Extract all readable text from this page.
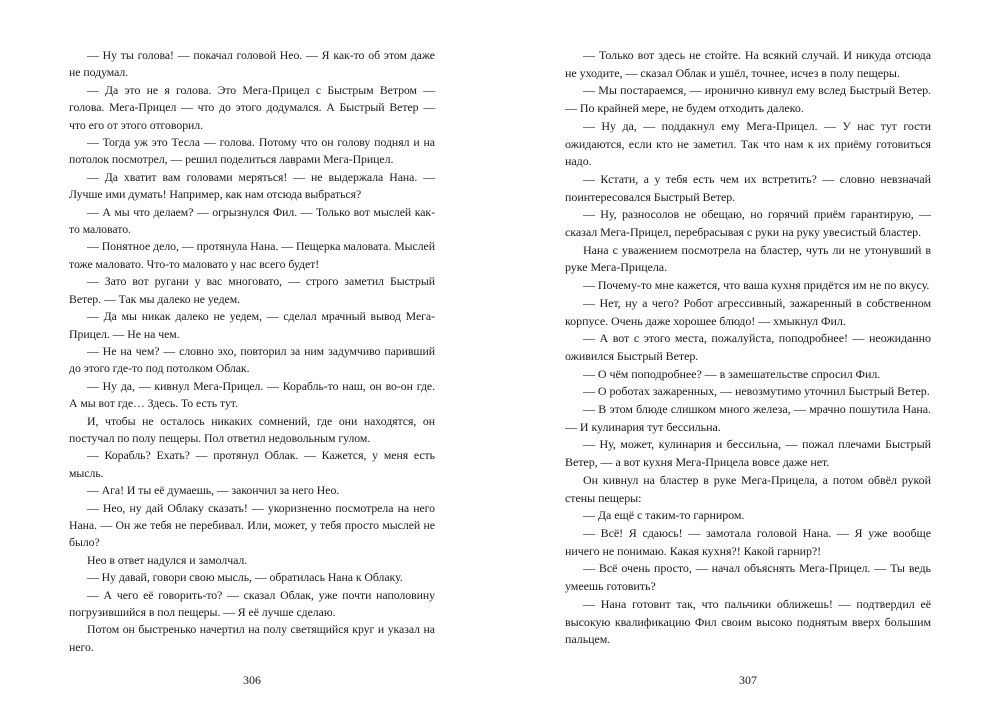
— Ну ты голова! — покачал головой Нео. — Я как-то об этом даже не подумал.

— Да это не я голова. Это Мега-Прицел с Быстрым Ветром — голова. Мега-Прицел — что до этого додумался. А Быстрый Ветер — что его от этого отговорил.

— Тогда уж это Тесла — голова. Потому что он голову поднял и на потолок посмотрел, — решил поделиться лаврами Мега-Прицел.

— Да хватит вам головами меряться! — не выдержала Нана. — Лучше ими думать! Например, как нам отсюда выбраться?

— А мы что делаем? — огрызнулся Фил. — Только вот мыслей как-то маловато.

— Понятное дело, — протянула Нана. — Пещерка маловата. Мыслей тоже маловато. Что-то маловато у нас всего будет!

— Зато вот ругани у вас многовато, — строго заметил Быстрый Ветер. — Так мы далеко не уедем.

— Да мы никак далеко не уедем, — сделал мрачный вывод Мега-Прицел. — Не на чем.

— Не на чем? — словно эхо, повторил за ним задумчиво паривший до этого где-то под потолком Облак.

— Ну да, — кивнул Мега-Прицел. — Корабль-то наш, он во-он где. А мы вот где… Здесь. То есть тут.

И, чтобы не осталось никаких сомнений, где они находятся, он постучал по полу пещеры. Пол ответил недовольным гулом.

— Корабль? Ехать? — протянул Облак. — Кажется, у меня есть мысль.

— Ага! И ты её думаешь, — закончил за него Нео.

— Нео, ну дай Облаку сказать! — укоризненно посмотрела на него Нана. — Он же тебя не перебивал. Или, может, у тебя просто мыслей не было?

Нео в ответ надулся и замолчал.

— Ну давай, говори свою мысль, — обратилась Нана к Облаку.

— А чего её говорить-то? — сказал Облак, уже почти наполовину погрузившийся в пол пещеры. — Я её лучше сделаю.

Потом он быстренько начертил на полу светящийся круг и указал на него.

306

— Только вот здесь не стойте. На всякий случай. И никуда отсюда не уходите, — сказал Облак и ушёл, точнее, исчез в полу пещеры.

— Мы постараемся, — иронично кивнул ему вслед Быстрый Ветер. — По крайней мере, не будем отходить далеко.

— Ну да, — поддакнул ему Мега-Прицел. — У нас тут гости ожидаются, если кто не заметил. Так что нам к их приёму готовиться надо.

— Кстати, а у тебя есть чем их встретить? — словно невзначай поинтересовался Быстрый Ветер.

— Ну, разносолов не обещаю, но горячий приём гарантирую, — сказал Мега-Прицел, перебрасывая с руки на руку увесистый бластер.

Нана с уважением посмотрела на бластер, чуть ли не утонувший в руке Мега-Прицела.

— Почему-то мне кажется, что ваша кухня придётся им не по вкусу.

— Нет, ну а чего? Робот агрессивный, зажаренный в собственном корпусе. Очень даже хорошее блюдо! — хмыкнул Фил.

— А вот с этого места, пожалуйста, поподробнее! — неожиданно оживился Быстрый Ветер.

— О чём поподробнее? — в замешательстве спросил Фил.

— О роботах зажаренных, — невозмутимо уточнил Быстрый Ветер.

— В этом блюде слишком много железа, — мрачно пошутила Нана. — И кулинария тут бессильна.

— Ну, может, кулинария и бессильна, — пожал плечами Быстрый Ветер, — а вот кухня Мега-Прицела вовсе даже нет.

Он кивнул на бластер в руке Мега-Прицела, а потом обвёл рукой стены пещеры:

— Да ещё с таким-то гарниром.

— Всё! Я сдаюсь! — замотала головой Нана. — Я уже вообще ничего не понимаю. Какая кухня?! Какой гарнир?!

— Всё очень просто, — начал объяснять Мега-Прицел. — Ты ведь умеешь готовить?

— Нана готовит так, что пальчики оближешь! — подтвердил её высокую квалификацию Фил своим высоко поднятым вверх большим пальцем.

307
